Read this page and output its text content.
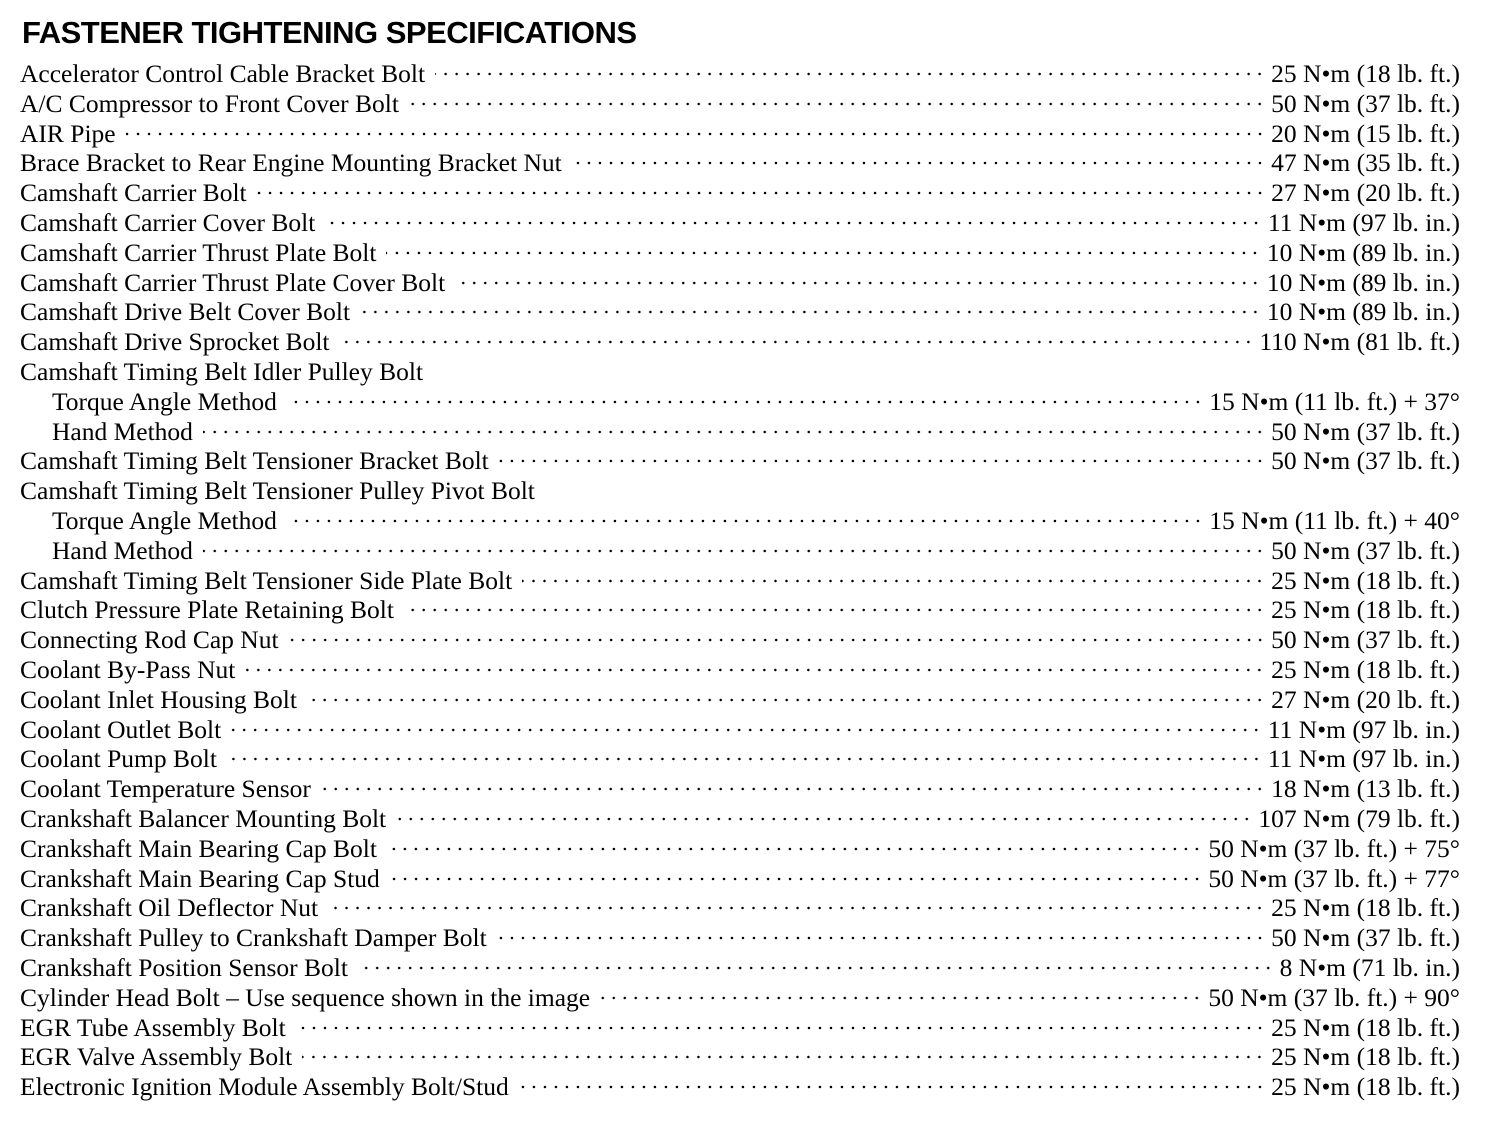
FASTENER TIGHTENING SPECIFICATIONS
Accelerator Control Cable Bracket Bolt	25 N•m (18 lb. ft.)
A/C Compressor to Front Cover Bolt	50 N•m (37 lb. ft.)
AIR Pipe	20 N•m (15 lb. ft.)
Brace Bracket to Rear Engine Mounting Bracket Nut	47 N•m (35 lb. ft.)
Camshaft Carrier Bolt	27 N•m (20 lb. ft.)
Camshaft Carrier Cover Bolt	11 N•m (97 lb. in.)
Camshaft Carrier Thrust Plate Bolt	10 N•m (89 lb. in.)
Camshaft Carrier Thrust Plate Cover Bolt	10 N•m (89 lb. in.)
Camshaft Drive Belt Cover Bolt	10 N•m (89 lb. in.)
Camshaft Drive Sprocket Bolt	110 N•m (81 lb. ft.)
Camshaft Timing Belt Idler Pulley Bolt
Torque Angle Method	15 N•m (11 lb. ft.) + 37°
Hand Method	50 N•m (37 lb. ft.)
Camshaft Timing Belt Tensioner Bracket Bolt	50 N•m (37 lb. ft.)
Camshaft Timing Belt Tensioner Pulley Pivot Bolt
Torque Angle Method	15 N•m (11 lb. ft.) + 40°
Hand Method	50 N•m (37 lb. ft.)
Camshaft Timing Belt Tensioner Side Plate Bolt	25 N•m (18 lb. ft.)
Clutch Pressure Plate Retaining Bolt	25 N•m (18 lb. ft.)
Connecting Rod Cap Nut	50 N•m (37 lb. ft.)
Coolant By-Pass Nut	25 N•m (18 lb. ft.)
Coolant Inlet Housing Bolt	27 N•m (20 lb. ft.)
Coolant Outlet Bolt	11 N•m (97 lb. in.)
Coolant Pump Bolt	11 N•m (97 lb. in.)
Coolant Temperature Sensor	18 N•m (13 lb. ft.)
Crankshaft Balancer Mounting Bolt	107 N•m (79 lb. ft.)
Crankshaft Main Bearing Cap Bolt	50 N•m (37 lb. ft.) + 75°
Crankshaft Main Bearing Cap Stud	50 N•m (37 lb. ft.) + 77°
Crankshaft Oil Deflector Nut	25 N•m (18 lb. ft.)
Crankshaft Pulley to Crankshaft Damper Bolt	50 N•m (37 lb. ft.)
Crankshaft Position Sensor Bolt	8 N•m (71 lb. in.)
Cylinder Head Bolt – Use sequence shown in the image	50 N•m (37 lb. ft.) + 90°
EGR Tube Assembly Bolt	25 N•m (18 lb. ft.)
EGR Valve Assembly Bolt	25 N•m (18 lb. ft.)
Electronic Ignition Module Assembly Bolt/Stud	25 N•m (18 lb. ft.)
